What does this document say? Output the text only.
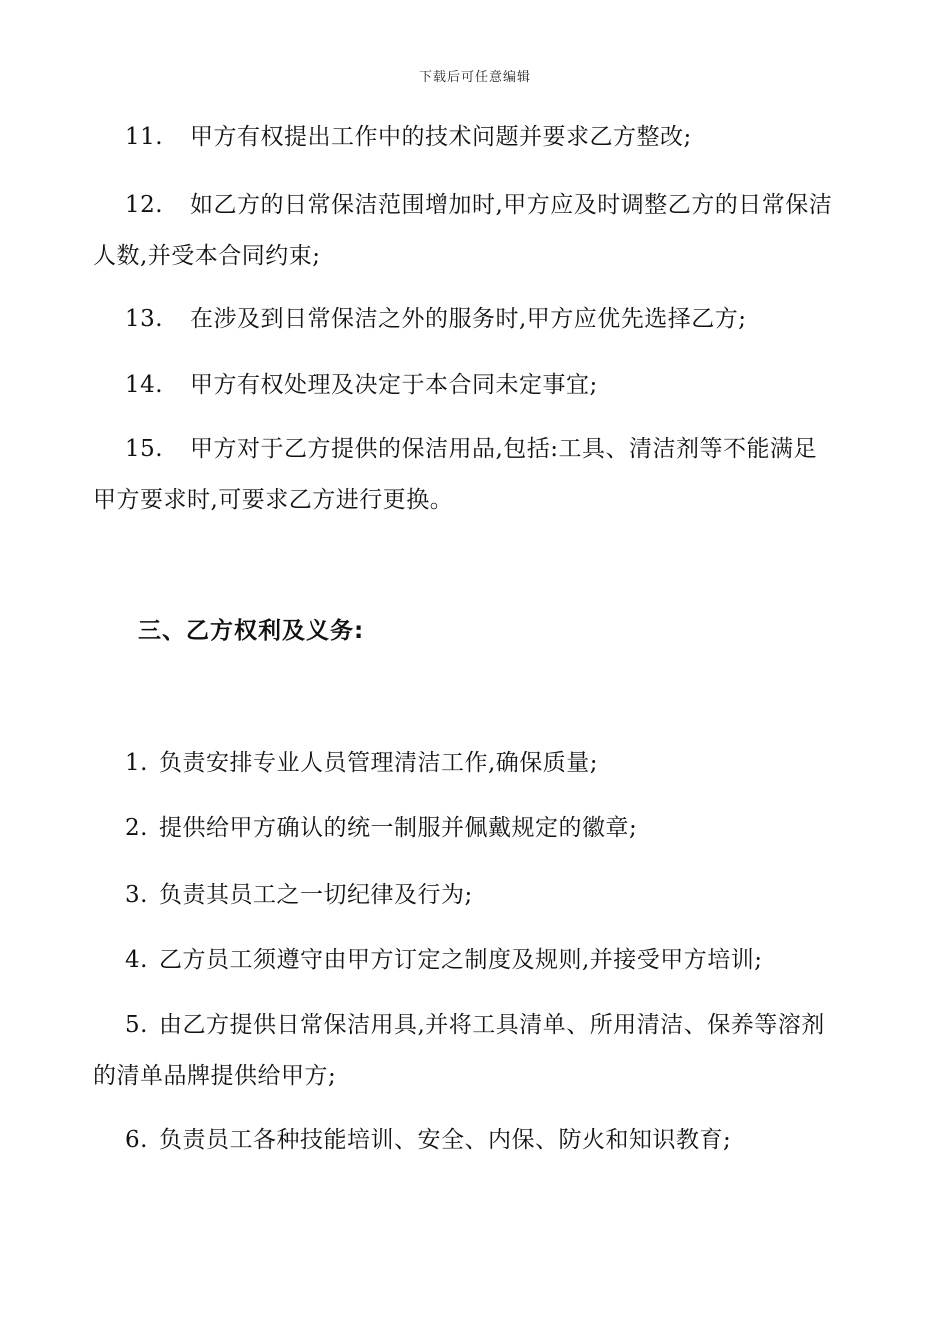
下载后可任意编辑
11. 甲方有权提出工作中的技术问题并要求乙方整改;
12. 如乙方的日常保洁范围增加时,甲方应及时调整乙方的日常保洁
人数,并受本合同约束;
13. 在涉及到日常保洁之外的服务时,甲方应优先选择乙方;
14. 甲方有权处理及决定于本合同未定事宜;
15. 甲方对于乙方提供的保洁用品,包括:工具、清洁剂等不能满足
甲方要求时,可要求乙方进行更换。
三、乙方权利及义务:
1. 负责安排专业人员管理清洁工作,确保质量;
2. 提供给甲方确认的统一制服并佩戴规定的徽章;
3. 负责其员工之一切纪律及行为;
4. 乙方员工须遵守由甲方订定之制度及规则,并接受甲方培训;
5. 由乙方提供日常保洁用具,并将工具清单、所用清洁、保养等溶剂
的清单品牌提供给甲方;
6. 负责员工各种技能培训、安全、内保、防火和知识教育;
